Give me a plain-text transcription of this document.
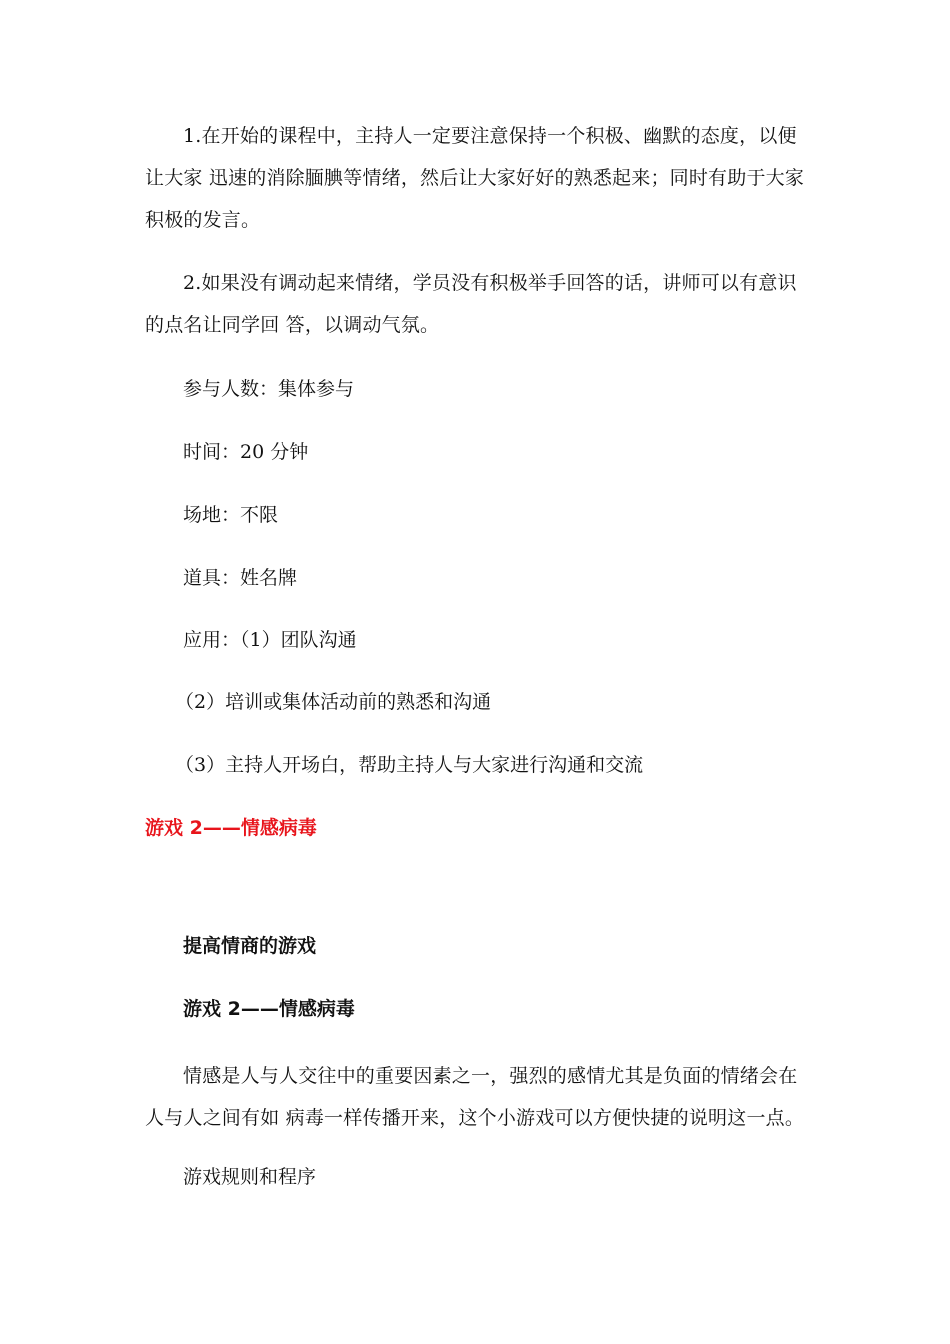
1.在开始的课程中，主持人一定要注意保持一个积极、幽默的态度，以便让大家 迅速的消除腼腆等情绪，然后让大家好好的熟悉起来；同时有助于大家积极的发言。

2.如果没有调动起来情绪，学员没有积极举手回答的话，讲师可以有意识的点名让同学回 答，以调动气氛。

参与人数：集体参与

时间：20 分钟

场地：不限

道具：姓名牌

应用：（1）团队沟通

（2）培训或集体活动前的熟悉和沟通

（3）主持人开场白，帮助主持人与大家进行沟通和交流

游戏 2——情感病毒

提高情商的游戏

游戏 2——情感病毒

情感是人与人交往中的重要因素之一，强烈的感情尤其是负面的情绪会在人与人之间有如 病毒一样传播开来，这个小游戏可以方便快捷的说明这一点。

游戏规则和程序
